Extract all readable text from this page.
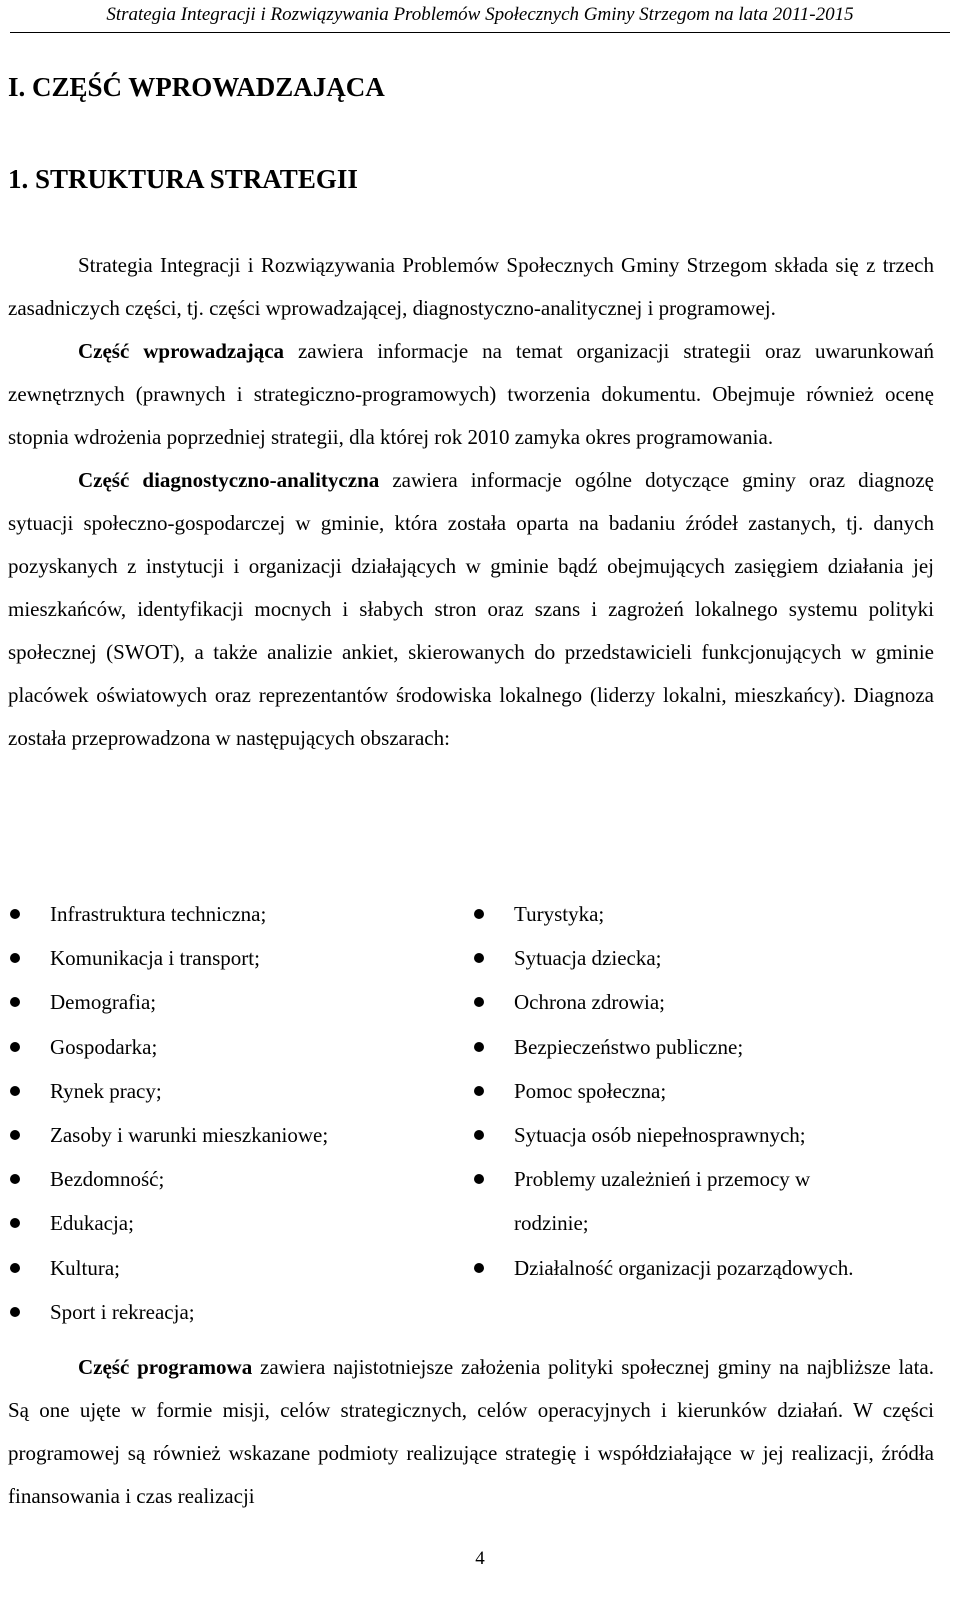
Strategia Integracji i Rozwiązywania Problemów Społecznych Gminy Strzegom na lata 2011-2015
I. CZĘŚĆ WPROWADZAJĄCA
1. STRUKTURA STRATEGII

Strategia Integracji i Rozwiązywania Problemów Społecznych Gminy Strzegom składa się z trzech zasadniczych części, tj. części wprowadzającej, diagnostyczno-analitycznej i programowej.

Część wprowadzająca zawiera informacje na temat organizacji strategii oraz uwarunkowań zewnętrznych (prawnych i strategiczno-programowych) tworzenia dokumentu. Obejmuje również ocenę stopnia wdrożenia poprzedniej strategii, dla której rok 2010 zamyka okres programowania.

Część diagnostyczno-analityczna zawiera informacje ogólne dotyczące gminy oraz diagnozę sytuacji społeczno-gospodarczej w gminie, która została oparta na badaniu źródeł zastanych, tj. danych pozyskanych z instytucji i organizacji działających w gminie bądź obejmujących zasięgiem działania jej mieszkańców, identyfikacji mocnych i słabych stron oraz szans i zagrożeń lokalnego systemu polityki społecznej (SWOT), a także analizie ankiet, skierowanych do przedstawicieli funkcjonujących w gminie placówek oświatowych oraz reprezentantów środowiska lokalnego (liderzy lokalni, mieszkańcy). Diagnoza została przeprowadzona w następujących obszarach:

Infrastruktura techniczna;
Komunikacja i transport;
Demografia;
Gospodarka;
Rynek pracy;
Zasoby i warunki mieszkaniowe;
Bezdomność;
Edukacja;
Kultura;
Sport i rekreacja;
Turystyka;
Sytuacja dziecka;
Ochrona zdrowia;
Bezpieczeństwo publiczne;
Pomoc społeczna;
Sytuacja osób niepełnosprawnych;
Problemy uzależnień i przemocy w rodzinie;
Działalność organizacji pozarządowych.

Część programowa zawiera najistotniejsze założenia polityki społecznej gminy na najbliższe lata. Są one ujęte w formie misji, celów strategicznych, celów operacyjnych i kierunków działań. W części programowej są również wskazane podmioty realizujące strategię i współdziałające w jej realizacji, źródła finansowania i czas realizacji

4
